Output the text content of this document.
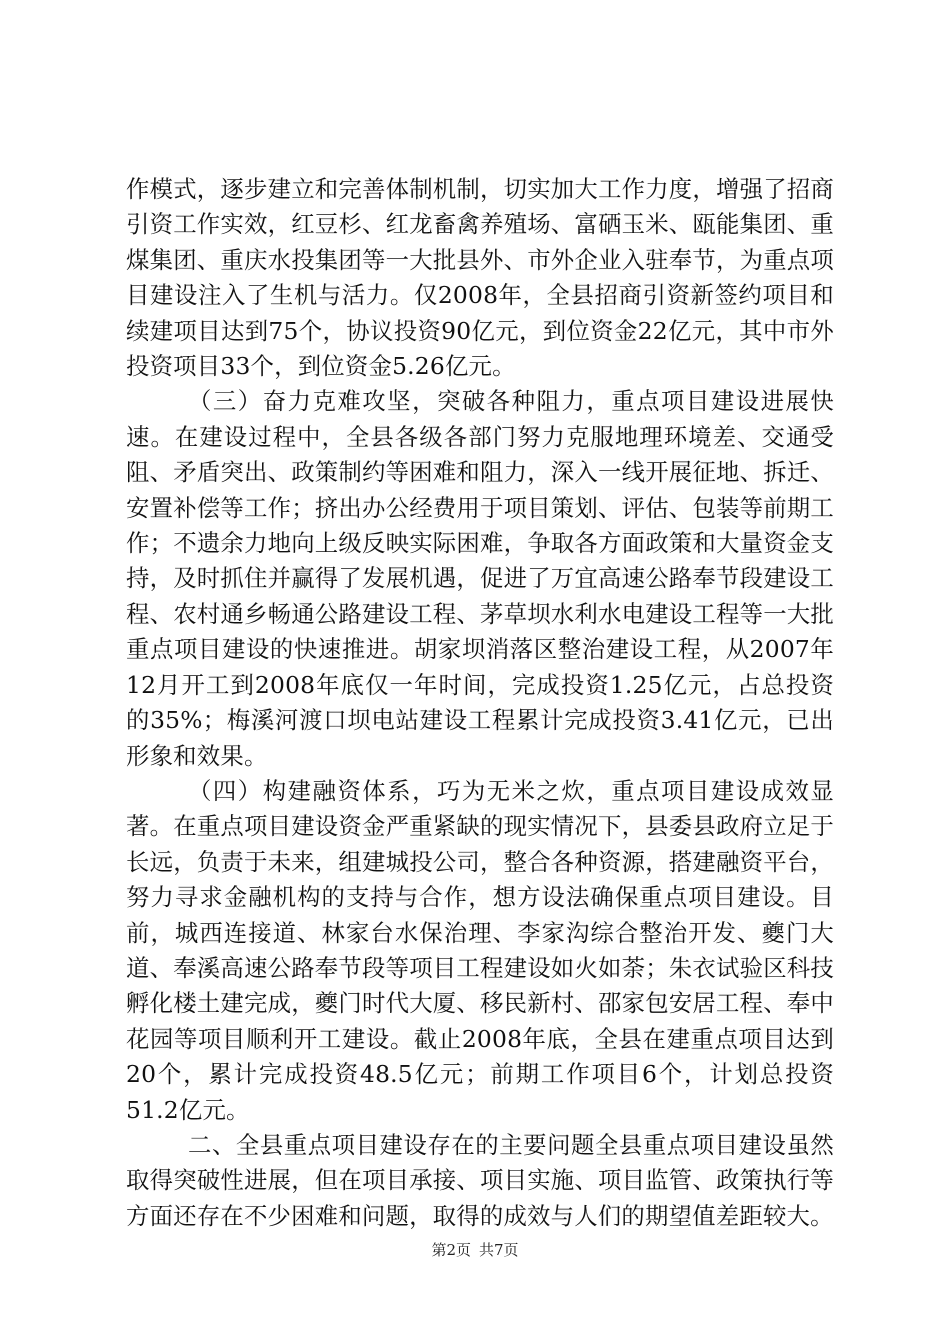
作模式，逐步建立和完善体制机制，切实加大工作力度，增强了招商引资工作实效，红豆杉、红龙畜禽养殖场、富硒玉米、瓯能集团、重煤集团、重庆水投集团等一大批县外、市外企业入驻奉节，为重点项目建设注入了生机与活力。仅2008年，全县招商引资新签约项目和续建项目达到75个，协议投资90亿元，到位资金22亿元，其中市外投资项目33个，到位资金5.26亿元。

（三）奋力克难攻坚，突破各种阻力，重点项目建设进展快速。在建设过程中，全县各级各部门努力克服地理环境差、交通受阻、矛盾突出、政策制约等困难和阻力，深入一线开展征地、拆迁、安置补偿等工作；挤出办公经费用于项目策划、评估、包装等前期工作；不遗余力地向上级反映实际困难，争取各方面政策和大量资金支持，及时抓住并赢得了发展机遇，促进了万宜高速公路奉节段建设工程、农村通乡畅通公路建设工程、茅草坝水利水电建设工程等一大批重点项目建设的快速推进。胡家坝消落区整治建设工程，从2007年12月开工到2008年底仅一年时间，完成投资1.25亿元，占总投资的35%；梅溪河渡口坝电站建设工程累计完成投资3.41亿元，已出形象和效果。

（四）构建融资体系，巧为无米之炊，重点项目建设成效显著。在重点项目建设资金严重紧缺的现实情况下，县委县政府立足于长远，负责于未来，组建城投公司，整合各种资源，搭建融资平台，努力寻求金融机构的支持与合作，想方设法确保重点项目建设。目前，城西连接道、林家台水保治理、李家沟综合整治开发、夔门大道、奉溪高速公路奉节段等项目工程建设如火如荼；朱衣试验区科技孵化楼土建完成，夔门时代大厦、移民新村、邵家包安居工程、奉中花园等项目顺利开工建设。截止2008年底，全县在建重点项目达到20个，累计完成投资48.5亿元；前期工作项目6个，计划总投资51.2亿元。

二、全县重点项目建设存在的主要问题全县重点项目建设虽然取得突破性进展，但在项目承接、项目实施、项目监管、政策执行等方面还存在不少困难和问题，取得的成效与人们的期望值差距较大。

第2页 共7页
